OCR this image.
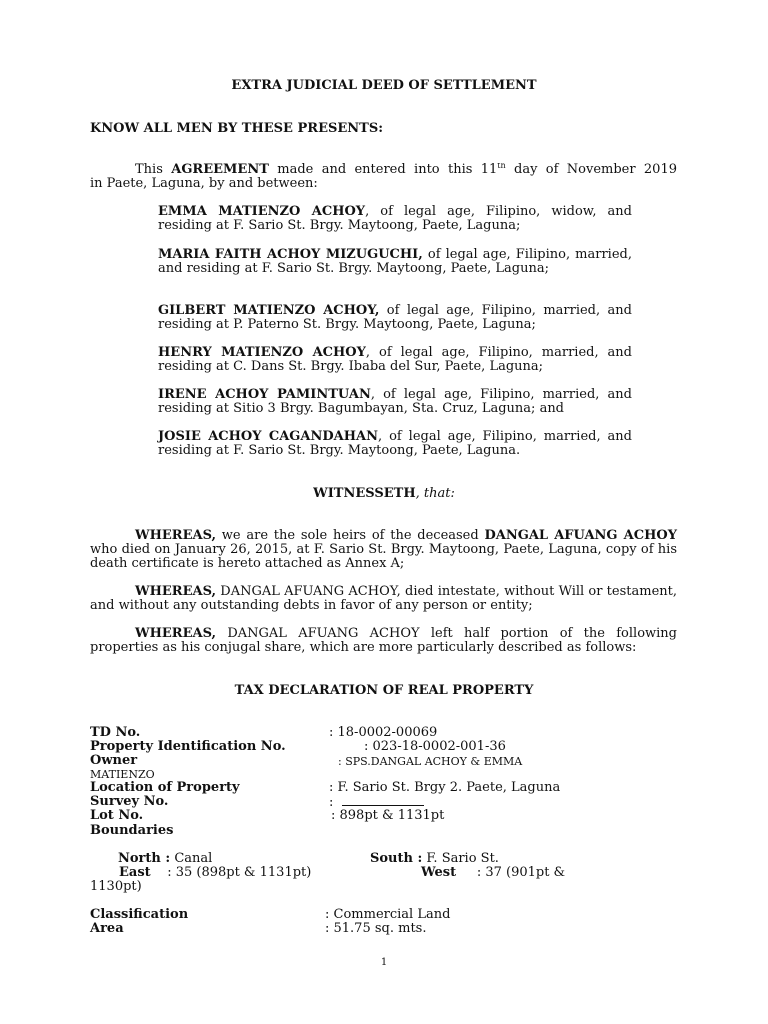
EXTRA JUDICIAL DEED OF SETTLEMENT
KNOW ALL MEN BY THESE PRESENTS:
This AGREEMENT made and entered into this 11th day of November 2019
in Paete, Laguna, by and between:
EMMA MATIENZO ACHOY, of legal age, Filipino, widow, and residing at F. Sario St. Brgy. Maytoong, Paete, Laguna;
MARIA FAITH ACHOY MIZUGUCHI, of legal age, Filipino, married, and residing at F. Sario St. Brgy. Maytoong, Paete, Laguna;
GILBERT MATIENZO ACHOY, of legal age, Filipino, married, and residing at P. Paterno St. Brgy. Maytoong, Paete, Laguna;
HENRY MATIENZO ACHOY, of legal age, Filipino, married, and residing at C. Dans St. Brgy. Ibaba del Sur, Paete, Laguna;
IRENE ACHOY PAMINTUAN, of legal age, Filipino, married, and residing at Sitio 3 Brgy. Bagumbayan, Sta. Cruz, Laguna; and
JOSIE ACHOY CAGANDAHAN, of legal age, Filipino, married, and residing at F. Sario St. Brgy. Maytoong, Paete, Laguna.
WITNESSETH, that:
WHEREAS, we are the sole heirs of the deceased DANGAL AFUANG ACHOY who died on January 26, 2015, at F. Sario St. Brgy. Maytoong, Paete, Laguna, copy of his death certificate is hereto attached as Annex A;
WHEREAS, DANGAL AFUANG ACHOY, died intestate, without Will or testament, and without any outstanding debts in favor of any person or entity;
WHEREAS, DANGAL AFUANG ACHOY left half portion of the following properties as his conjugal share, which are more particularly described as follows:
TAX DECLARATION OF REAL PROPERTY
TD No.	: 18-0002-00069
Property Identification No.	: 023-18-0002-001-36
Owner	: SPS.DANGAL ACHOY & EMMA
MATIENZO
Location of Property	: F. Sario St. Brgy 2. Paete, Laguna
Survey No.	:
Lot No.	: 898pt & 1131pt
Boundaries
North : Canal	South : F. Sario St.
East : 35 (898pt & 1131pt)	West : 37 (901pt &
1130pt)
Classification	: Commercial Land
Area	: 51.75 sq. mts.
1
